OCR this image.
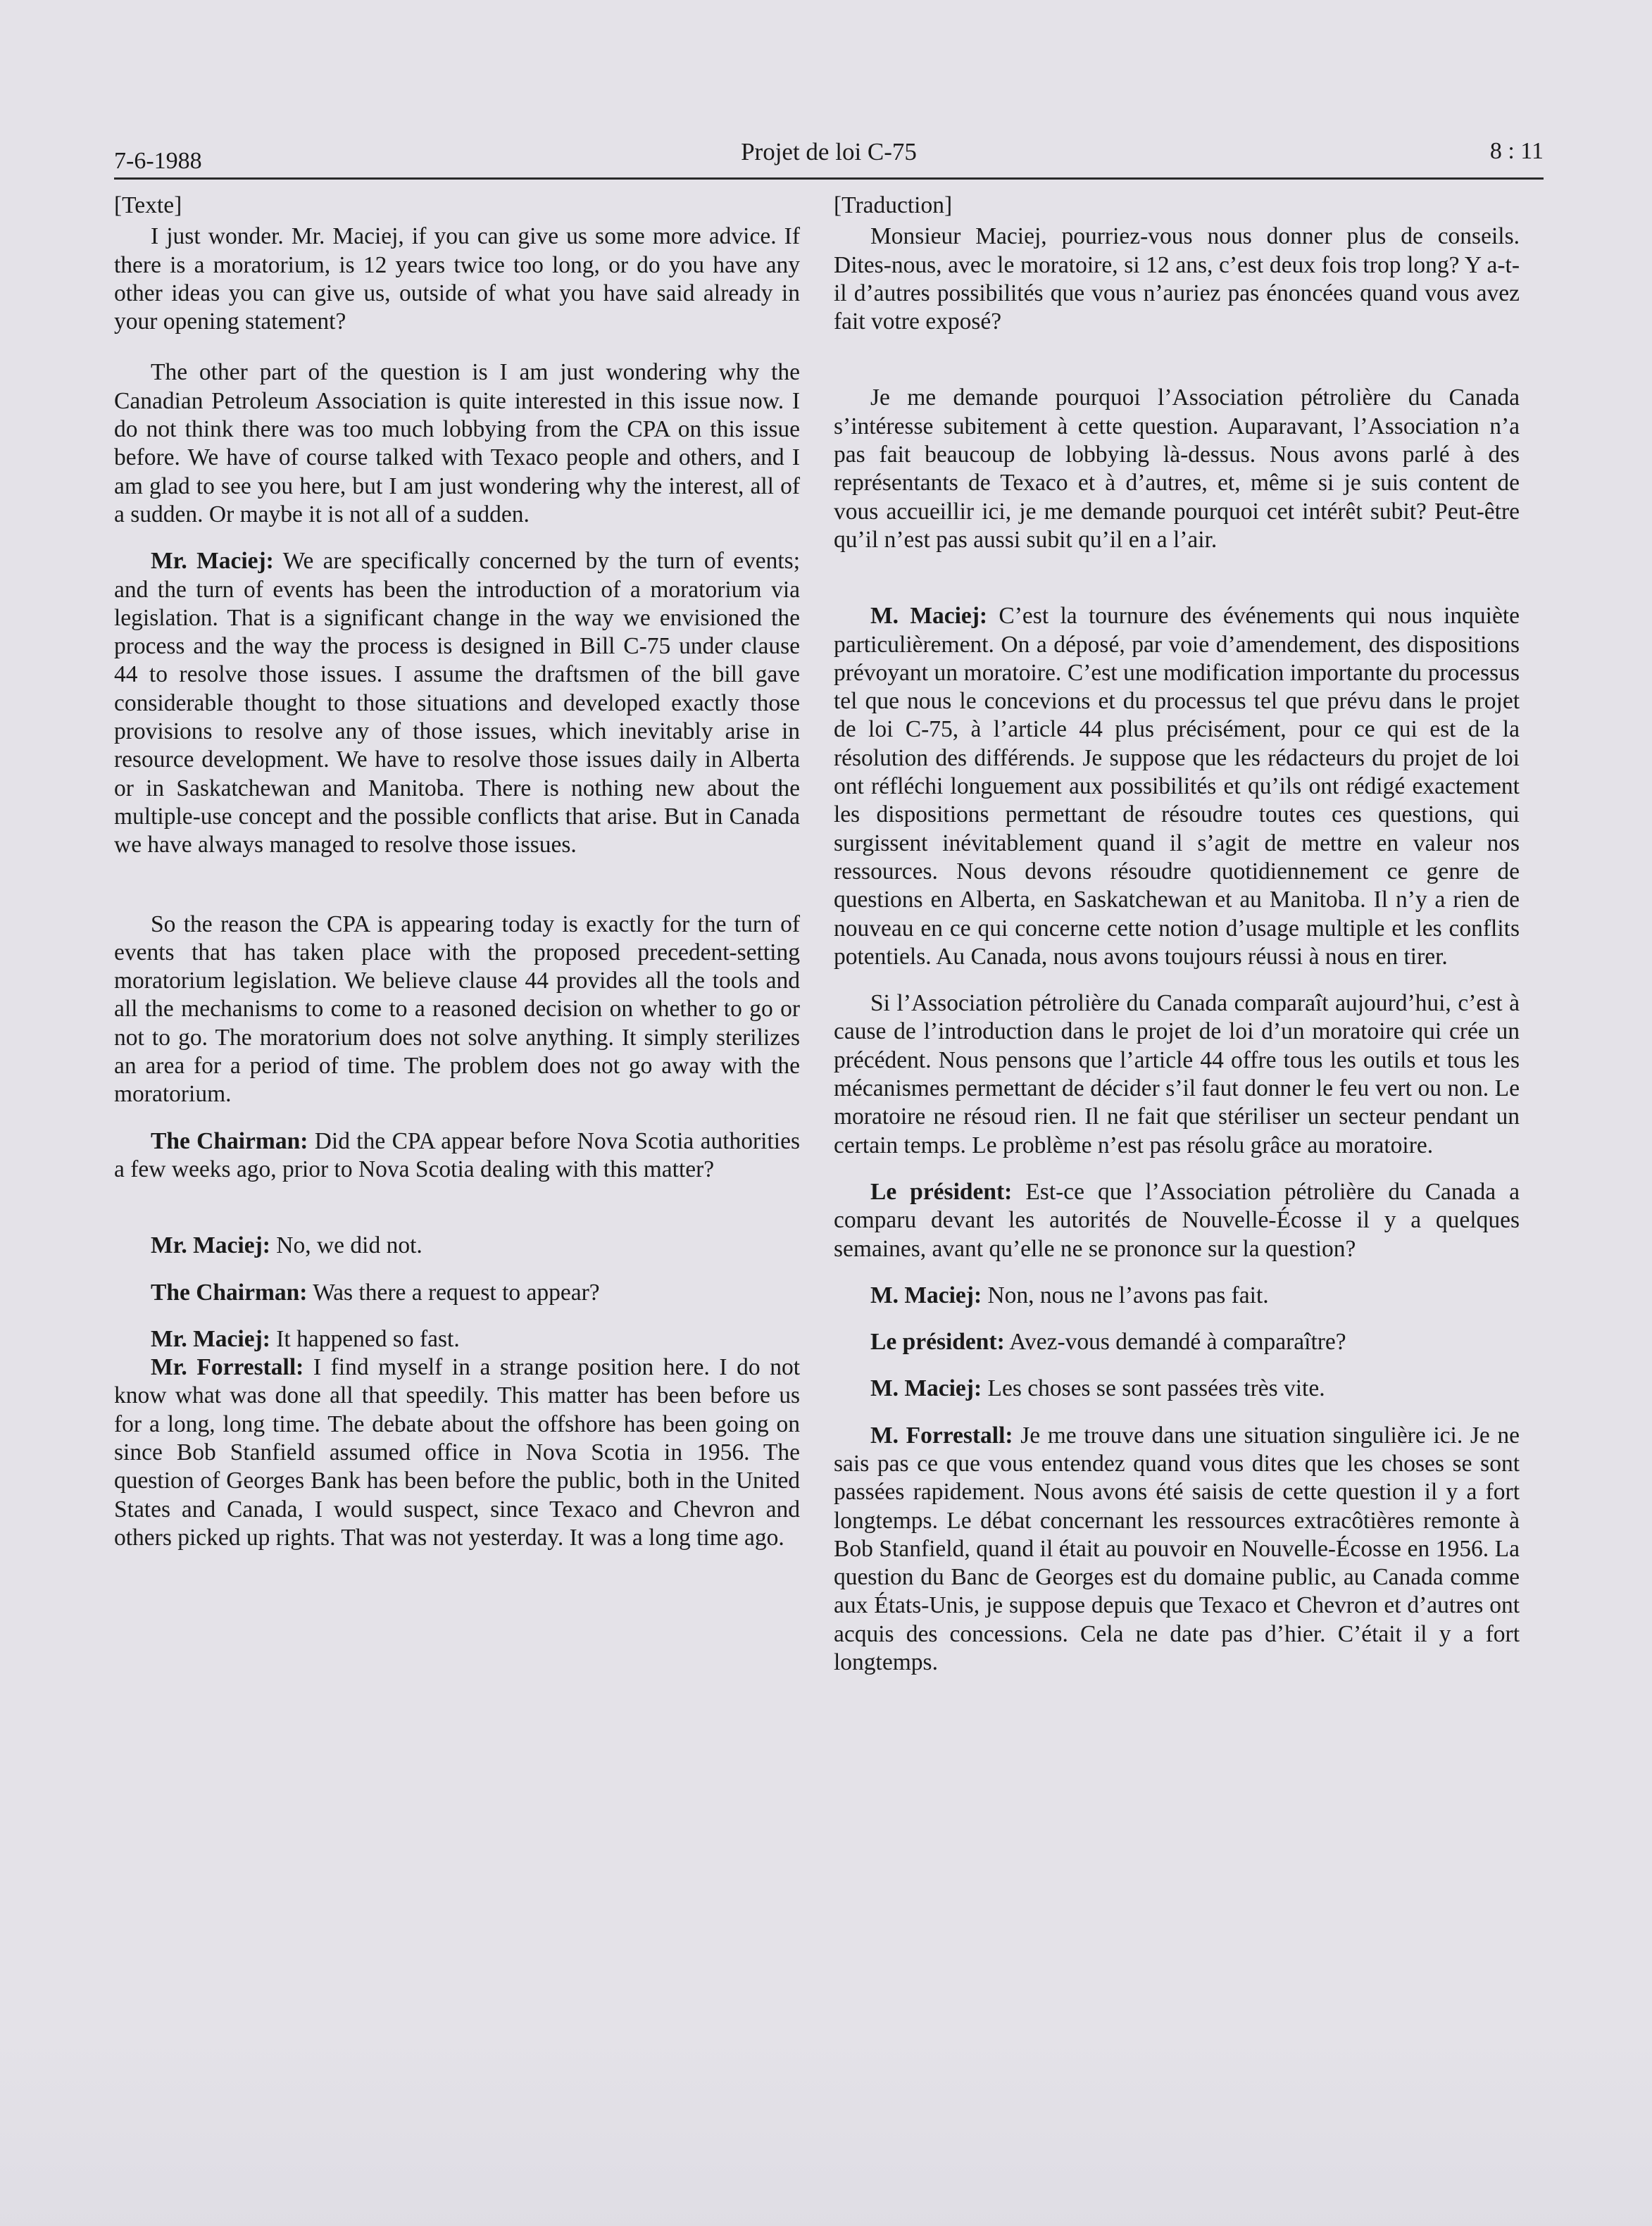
7-6-1988	Projet de loi C-75	8 : 11

[Texte]

I just wonder. Mr. Maciej, if you can give us some more advice. If there is a moratorium, is 12 years twice too long, or do you have any other ideas you can give us, outside of what you have said already in your opening statement?

The other part of the question is I am just wondering why the Canadian Petroleum Association is quite interested in this issue now. I do not think there was too much lobbying from the CPA on this issue before. We have of course talked with Texaco people and others, and I am glad to see you here, but I am just wondering why the interest, all of a sudden. Or maybe it is not all of a sudden.

Mr. Maciej: We are specifically concerned by the turn of events; and the turn of events has been the introduction of a moratorium via legislation. That is a significant change in the way we envisioned the process and the way the process is designed in Bill C-75 under clause 44 to resolve those issues. I assume the draftsmen of the bill gave considerable thought to those situations and developed exactly those provisions to resolve any of those issues, which inevitably arise in resource development. We have to resolve those issues daily in Alberta or in Saskatchewan and Manitoba. There is nothing new about the multiple-use concept and the possible conflicts that arise. But in Canada we have always managed to resolve those issues.

So the reason the CPA is appearing today is exactly for the turn of events that has taken place with the proposed precedent-setting moratorium legislation. We believe clause 44 provides all the tools and all the mechanisms to come to a reasoned decision on whether to go or not to go. The moratorium does not solve anything. It simply sterilizes an area for a period of time. The problem does not go away with the moratorium.

The Chairman: Did the CPA appear before Nova Scotia authorities a few weeks ago, prior to Nova Scotia dealing with this matter?

Mr. Maciej: No, we did not.

The Chairman: Was there a request to appear?

Mr. Maciej: It happened so fast.

Mr. Forrestall: I find myself in a strange position here. I do not know what was done all that speedily. This matter has been before us for a long, long time. The debate about the offshore has been going on since Bob Stanfield assumed office in Nova Scotia in 1956. The question of Georges Bank has been before the public, both in the United States and Canada, I would suspect, since Texaco and Chevron and others picked up rights. That was not yesterday. It was a long time ago.

[Traduction]

Monsieur Maciej, pourriez-vous nous donner plus de conseils. Dites-nous, avec le moratoire, si 12 ans, c’est deux fois trop long? Y a-t-il d’autres possibilités que vous n’auriez pas énoncées quand vous avez fait votre exposé?

Je me demande pourquoi l’Association pétrolière du Canada s’intéresse subitement à cette question. Auparavant, l’Association n’a pas fait beaucoup de lobbying là-dessus. Nous avons parlé à des représentants de Texaco et à d’autres, et, même si je suis content de vous accueillir ici, je me demande pourquoi cet intérêt subit? Peut-être qu’il n’est pas aussi subit qu’il en a l’air.

M. Maciej: C’est la tournure des événements qui nous inquiète particulièrement. On a déposé, par voie d’amendement, des dispositions prévoyant un moratoire. C’est une modification importante du processus tel que nous le concevions et du processus tel que prévu dans le projet de loi C-75, à l’article 44 plus précisément, pour ce qui est de la résolution des différends. Je suppose que les rédacteurs du projet de loi ont réfléchi longuement aux possibilités et qu’ils ont rédigé exactement les dispositions permettant de résoudre toutes ces questions, qui surgissent inévitablement quand il s’agit de mettre en valeur nos ressources. Nous devons résoudre quotidiennement ce genre de questions en Alberta, en Saskatchewan et au Manitoba. Il n’y a rien de nouveau en ce qui concerne cette notion d’usage multiple et les conflits potentiels. Au Canada, nous avons toujours réussi à nous en tirer.

Si l’Association pétrolière du Canada comparaît aujourd’hui, c’est à cause de l’introduction dans le projet de loi d’un moratoire qui crée un précédent. Nous pensons que l’article 44 offre tous les outils et tous les mécanismes permettant de décider s’il faut donner le feu vert ou non. Le moratoire ne résoud rien. Il ne fait que stériliser un secteur pendant un certain temps. Le problème n’est pas résolu grâce au moratoire.

Le président: Est-ce que l’Association pétrolière du Canada a comparu devant les autorités de Nouvelle-Écosse il y a quelques semaines, avant qu’elle ne se prononce sur la question?

M. Maciej: Non, nous ne l’avons pas fait.

Le président: Avez-vous demandé à comparaître?

M. Maciej: Les choses se sont passées très vite.

M. Forrestall: Je me trouve dans une situation singulière ici. Je ne sais pas ce que vous entendez quand vous dites que les choses se sont passées rapidement. Nous avons été saisis de cette question il y a fort longtemps. Le débat concernant les ressources extracôtières remonte à Bob Stanfield, quand il était au pouvoir en Nouvelle-Écosse en 1956. La question du Banc de Georges est du domaine public, au Canada comme aux États-Unis, je suppose depuis que Texaco et Chevron et d’autres ont acquis des concessions. Cela ne date pas d’hier. C’était il y a fort longtemps.
